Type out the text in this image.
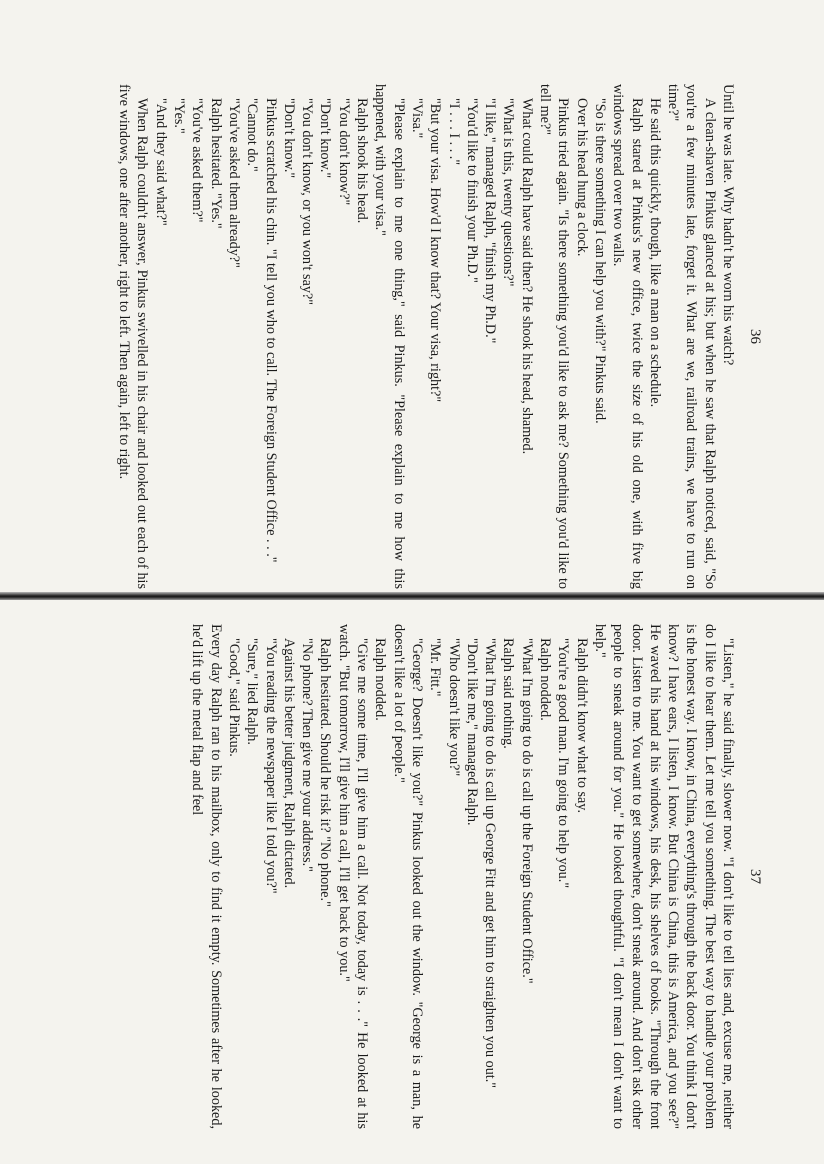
36

Until he was late. Why hadn't he worn his watch?

A clean-shaven Pinkus glanced at his; but when he saw that Ralph noticed, said, "So you're a few minutes late, forget it. What are we, railroad trains, we have to run on time?"

He said this quickly, though, like a man on a schedule.

Ralph stared at Pinkus's new office, twice the size of his old one, with five big windows spread over two walls.

"So is there something I can help you with?" Pinkus said.

Over his head hung a clock.

Pinkus tried again. "Is there something you'd like to ask me? Something you'd like to tell me?"

What could Ralph have said then? He shook his head, shamed.

"What is this, twenty questions?"

"I like," managed Ralph, "finish my Ph.D."

"You'd like to finish your Ph.D."

"I . . . I . . ."

"But your visa. How'd I know that? Your visa, right?"

"Visa."

"Please explain to me one thing," said Pinkus. "Please explain to me how this happened, with your visa."

Ralph shook his head.

"You don't know?"

"Don't know."

"You don't know, or you won't say?"

"Don't know."

Pinkus scratched his chin. "I tell you who to call. The Foreign Student Office . . ."

"Cannot do."

"You've asked them already?"

Ralph hesitated. "Yes."

"You've asked them?"

"Yes."

"And they said what?"

When Ralph couldn't answer, Pinkus swivelled in his chair and looked out each of his five windows, one after another, right to left. Then again, left to right.

37

"Listen," he said finally, slower now. "I don't like to tell lies and, excuse me, neither do I like to hear them. Let me tell you something. The best way to handle your problem is the honest way. I know, in China, everything's through the back door. You think I don't know? I have ears, I listen, I know. But China is China, this is America, and you see?" He waved his hand at his windows, his desk, his shelves of books. "Through the front door. Listen to me. You want to get somewhere, don't sneak around. And don't ask other people to sneak around for you." He looked thoughtful. "I don't mean I don't want to help."

Ralph didn't know what to say.

"You're a good man. I'm going to help you."

Ralph nodded.

"What I'm going to do is call up the Foreign Student Office."

Ralph said nothing.

"What I'm going to do is call up George Fitt and get him to straighten you out."

"Don't like me," managed Ralph.

"Who doesn't like you?"

"Mr. Fitt."

"George? Doesn't like you?" Pinkus looked out the window. "George is a man, he doesn't like a lot of people."

Ralph nodded.

"Give me some time, I'll give him a call. Not today, today is . . ." He looked at his watch. "But tomorrow, I'll give him a call, I'll get back to you."

Ralph hesitated. Should he risk it? "No phone."

"No phone? Then give me your address."

Against his better judgment, Ralph dictated.

"You reading the newspaper like I told you?"

"Sure," lied Ralph.

"Good," said Pinkus.

Every day Ralph ran to his mailbox, only to find it empty. Sometimes after he looked, he'd lift up the metal flap and feel
